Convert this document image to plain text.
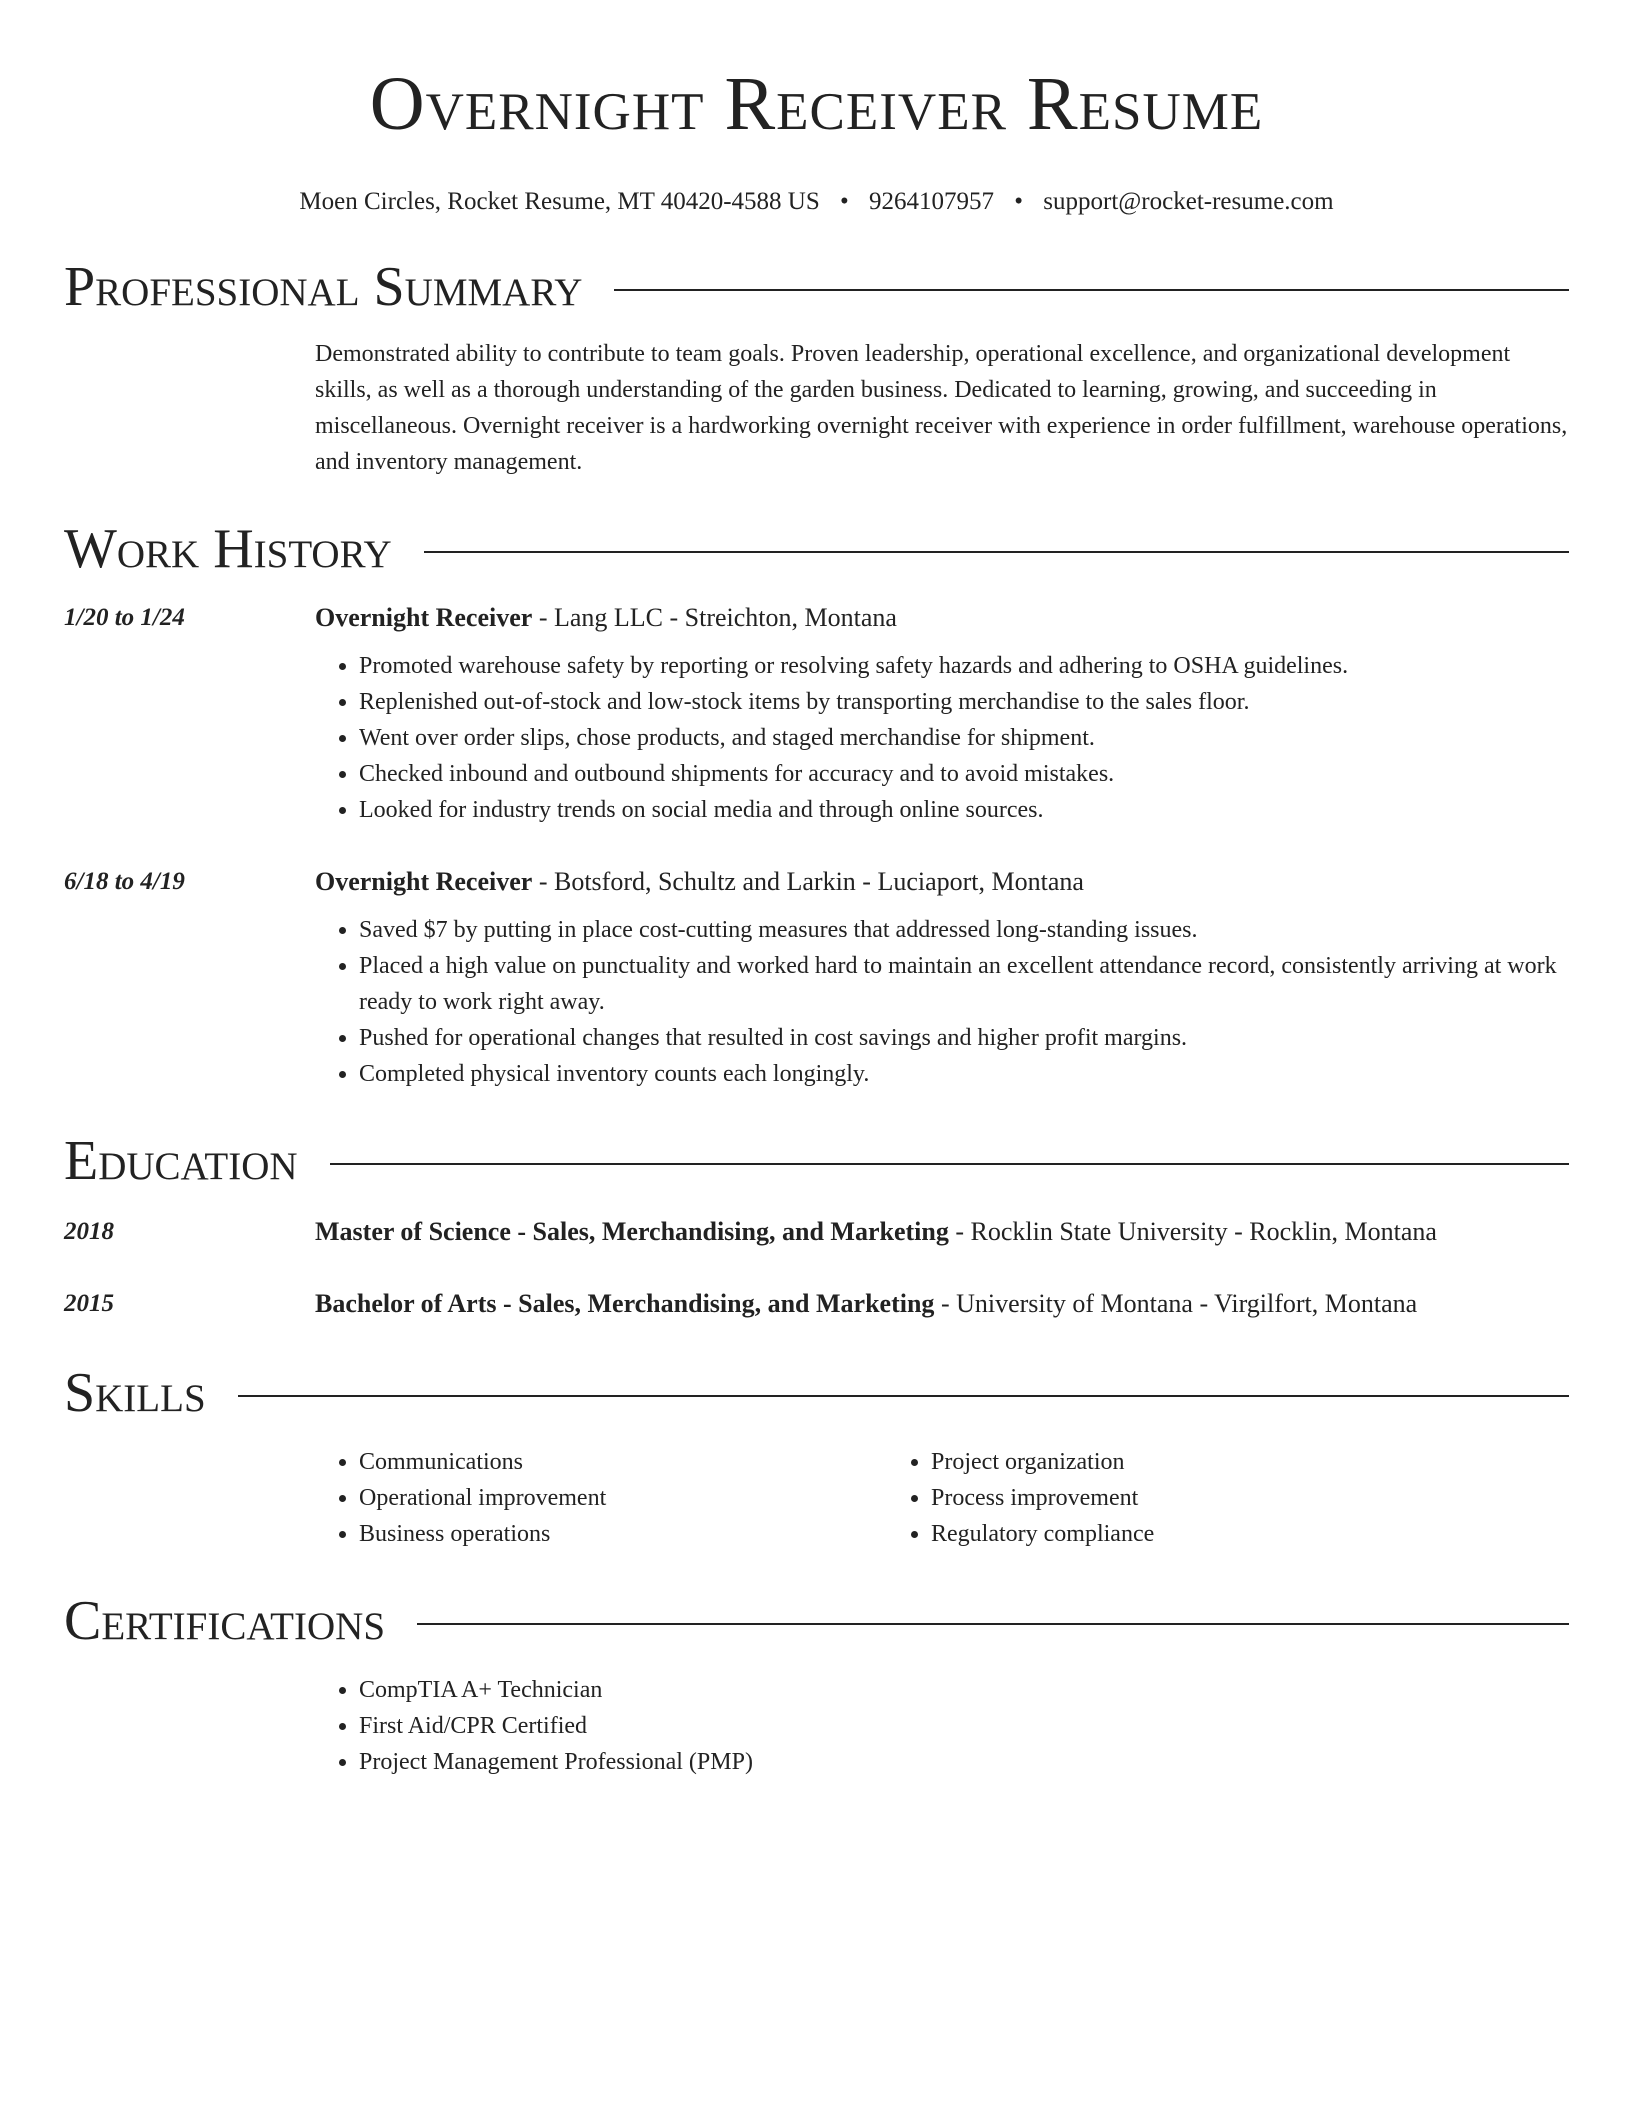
Overnight Receiver Resume
Moen Circles, Rocket Resume, MT 40420-4588 US • 9264107957 • support@rocket-resume.com
Professional Summary
Demonstrated ability to contribute to team goals. Proven leadership, operational excellence, and organizational development skills, as well as a thorough understanding of the garden business. Dedicated to learning, growing, and succeeding in miscellaneous. Overnight receiver is a hardworking overnight receiver with experience in order fulfillment, warehouse operations, and inventory management.
Work History
1/20 to 1/24	Overnight Receiver - Lang LLC - Streichton, Montana
• Promoted warehouse safety by reporting or resolving safety hazards and adhering to OSHA guidelines.
• Replenished out-of-stock and low-stock items by transporting merchandise to the sales floor.
• Went over order slips, chose products, and staged merchandise for shipment.
• Checked inbound and outbound shipments for accuracy and to avoid mistakes.
• Looked for industry trends on social media and through online sources.
6/18 to 4/19	Overnight Receiver - Botsford, Schultz and Larkin - Luciaport, Montana
• Saved $7 by putting in place cost-cutting measures that addressed long-standing issues.
• Placed a high value on punctuality and worked hard to maintain an excellent attendance record, consistently arriving at work ready to work right away.
• Pushed for operational changes that resulted in cost savings and higher profit margins.
• Completed physical inventory counts each longingly.
Education
2018	Master of Science - Sales, Merchandising, and Marketing - Rocklin State University - Rocklin, Montana
2015	Bachelor of Arts - Sales, Merchandising, and Marketing - University of Montana - Virgilfort, Montana
Skills
• Communications
• Operational improvement
• Business operations
• Project organization
• Process improvement
• Regulatory compliance
Certifications
• CompTIA A+ Technician
• First Aid/CPR Certified
• Project Management Professional (PMP)
